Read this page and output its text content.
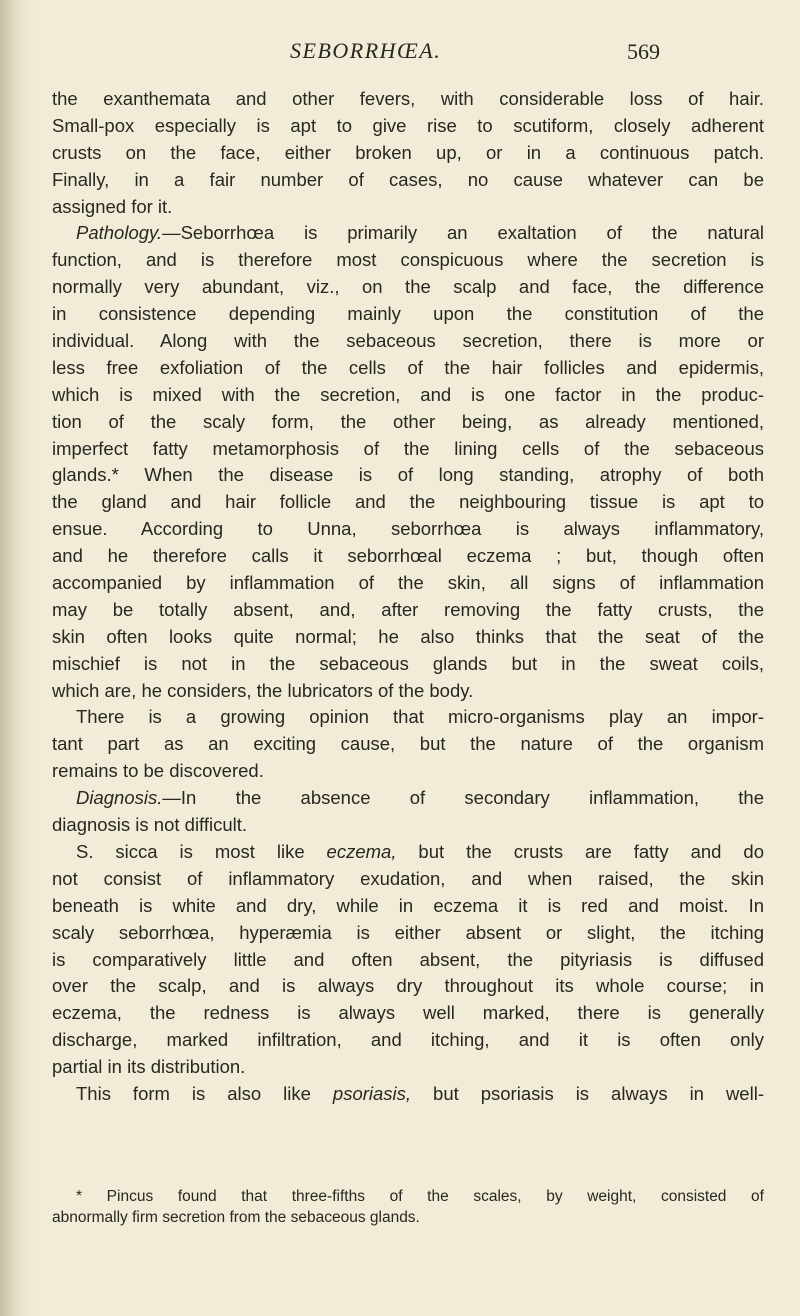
SEBORRHŒA.	569
the exanthemata and other fevers, with considerable loss of hair.
Small-pox especially is apt to give rise to scutiform, closely adherent
crusts on the face, either broken up, or in a continuous patch.
Finally, in a fair number of cases, no cause whatever can be
assigned for it.
Pathology.—Seborrhœa is primarily an exaltation of the natural
function, and is therefore most conspicuous where the secretion is
normally very abundant, viz., on the scalp and face, the difference
in consistence depending mainly upon the constitution of the
individual. Along with the sebaceous secretion, there is more or
less free exfoliation of the cells of the hair follicles and epidermis,
which is mixed with the secretion, and is one factor in the produc-
tion of the scaly form, the other being, as already mentioned,
imperfect fatty metamorphosis of the lining cells of the sebaceous
glands.* When the disease is of long standing, atrophy of both
the gland and hair follicle and the neighbouring tissue is apt to
ensue. According to Unna, seborrhœa is always inflammatory,
and he therefore calls it seborrhœal eczema ; but, though often
accompanied by inflammation of the skin, all signs of inflammation
may be totally absent, and, after removing the fatty crusts, the
skin often looks quite normal; he also thinks that the seat of the
mischief is not in the sebaceous glands but in the sweat coils,
which are, he considers, the lubricators of the body.
There is a growing opinion that micro-organisms play an impor-
tant part as an exciting cause, but the nature of the organism
remains to be discovered.
Diagnosis.—In the absence of secondary inflammation, the
diagnosis is not difficult.
S. sicca is most like eczema, but the crusts are fatty and do
not consist of inflammatory exudation, and when raised, the skin
beneath is white and dry, while in eczema it is red and moist. In
scaly seborrhœa, hyperæmia is either absent or slight, the itching
is comparatively little and often absent, the pityriasis is diffused
over the scalp, and is always dry throughout its whole course; in
eczema, the redness is always well marked, there is generally
discharge, marked infiltration, and itching, and it is often only
partial in its distribution.
This form is also like psoriasis, but psoriasis is always in well-
* Pincus found that three-fifths of the scales, by weight, consisted of
abnormally firm secretion from the sebaceous glands.
